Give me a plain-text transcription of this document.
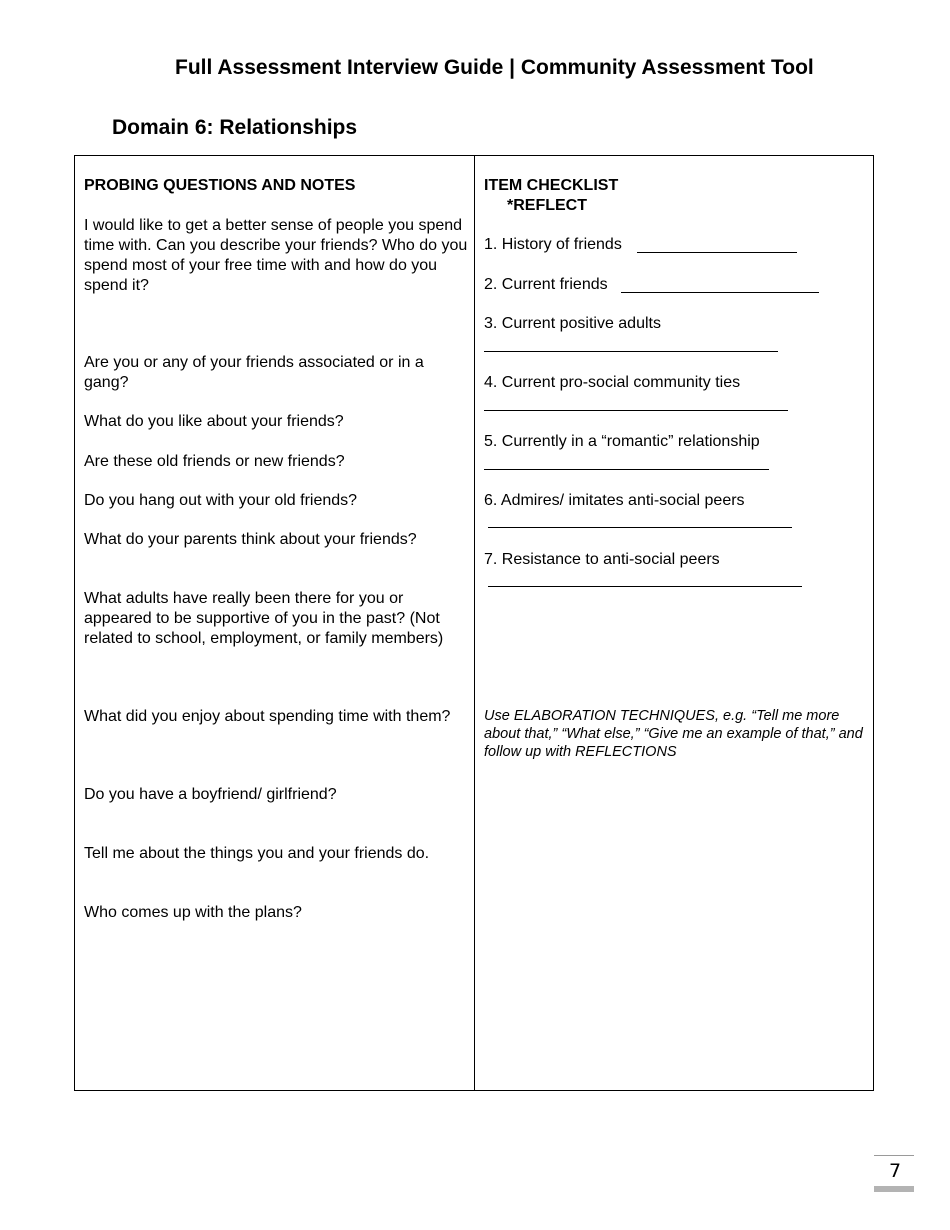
Full Assessment Interview Guide | Community Assessment Tool
Domain 6: Relationships
PROBING QUESTIONS AND NOTES
I would like to get a better sense of people you spend time with. Can you describe your friends? Who do you spend most of your free time with and how do you spend it?
Are you or any of your friends associated or in a gang?
What do you like about your friends?
Are these old friends or new friends?
Do you hang out with your old friends?
What do your parents think about your friends?
What adults have really been there for you or appeared to be supportive of you in the past? (Not related to school, employment, or family members)
What did you enjoy about spending time with them?
Do you have a boyfriend/ girlfriend?
Tell me about the things you and your friends do.
Who comes up with the plans?
ITEM CHECKLIST
*REFLECT
1. History of friends
2. Current friends
3. Current positive adults
4. Current pro-social community ties
5. Currently in a “romantic” relationship
6. Admires/ imitates anti-social peers
7. Resistance to anti-social peers
Use ELABORATION TECHNIQUES, e.g. “Tell me more about that,” “What else,” “Give me an example of that,” and follow up with REFLECTIONS
7
